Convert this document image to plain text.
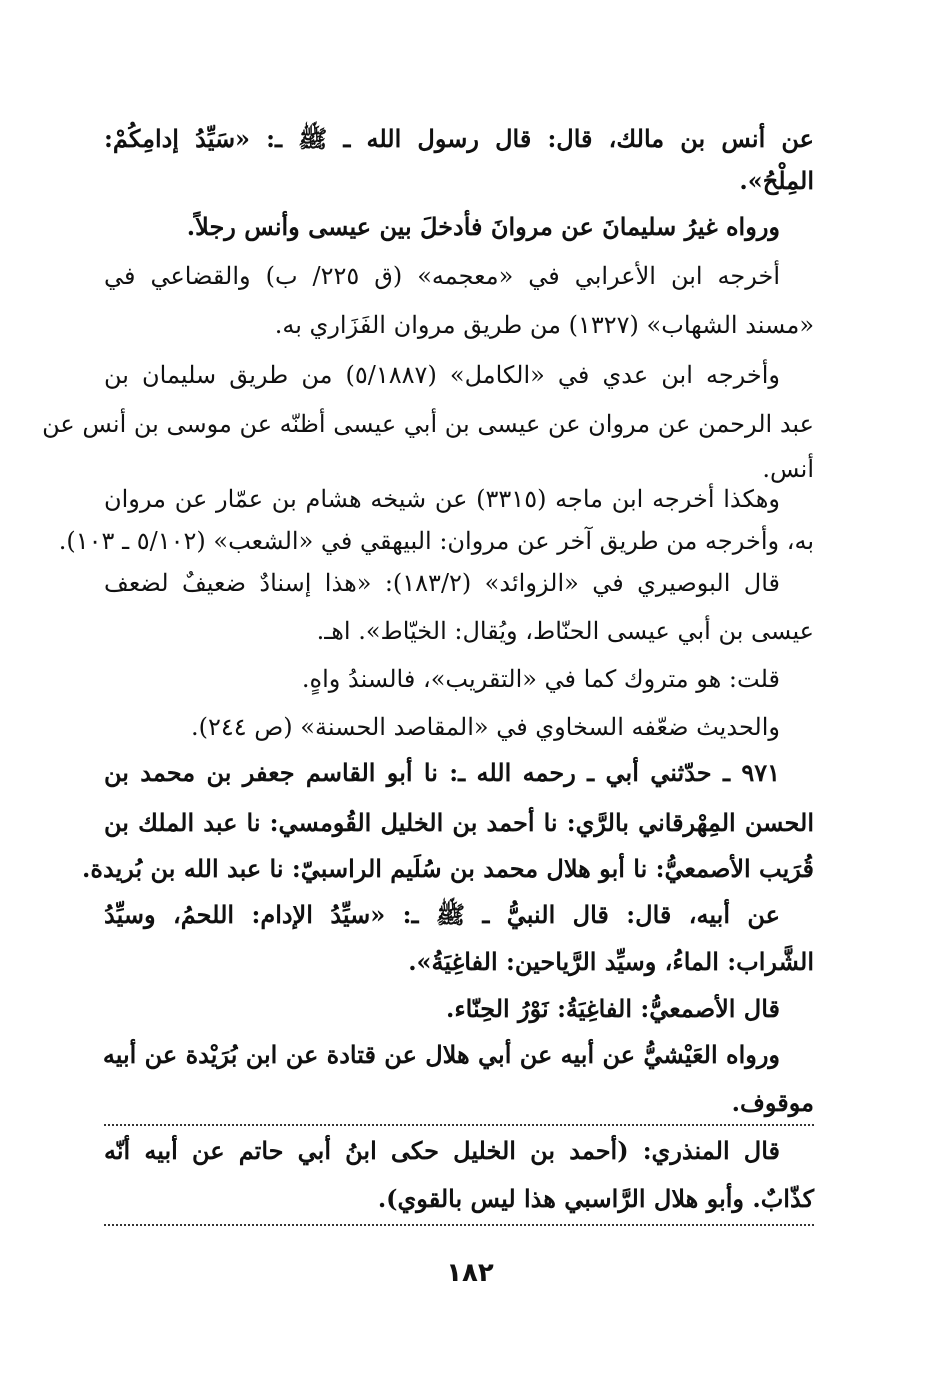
عن أنس بن مالك، قال: قال رسول الله ـ ﷺ ـ: «سَيِّدُ إدامِكُمْ:
المِلْحُ».
ورواه غيرُ سليمانَ عن مروانَ فأدخلَ بين عيسى وأنس رجلاً.
أخرجه ابن الأعرابي في «معجمه» (ق ٢٢٥/ ب) والقضاعي في
«مسند الشهاب» (١٣٢٧) من طريق مروان الفَزَاري به.
وأخرجه ابن عدي في «الكامل» (٥/١٨٨٧) من طريق سليمان بن
عبد الرحمن عن مروان عن عيسى بن أبي عيسى أظنّه عن موسى بن أنس عن
أنس.
وهكذا أخرجه ابن ماجه (٣٣١٥) عن شيخه هشام بن عمّار عن مروان
به، وأخرجه من طريق آخر عن مروان: البيهقي في «الشعب» (٥/١٠٢ ـ ١٠٣).
قال البوصيري في «الزوائد» (١٨٣/٢): «هذا إسنادٌ ضعيفٌ لضعف
عيسى بن أبي عيسى الحنّاط، ويُقال: الخيّاط». اهـ.
قلت: هو متروك كما في «التقريب»، فالسندُ واهٍ.
والحديث ضعّفه السخاوي في «المقاصد الحسنة» (ص ٢٤٤).
٩٧١ ـ حدّثني أبي ـ رحمه الله ـ: نا أبو القاسم جعفر بن محمد بن
الحسن المِهْرقاني بالرَّي: نا أحمد بن الخليل القُومسي: نا عبد الملك بن
قُرَيب الأصمعيُّ: نا أبو هلال محمد بن سُلَيم الراسبيّ: نا عبد الله بن بُريدة.
عن أبيه، قال: قال النبيُّ ـ ﷺ ـ: «سيِّدُ الإدام: اللحمُ، وسيِّدُ
الشَّراب: الماءُ، وسيِّد الرَّياحين: الفاغِيَةُ».
قال الأصمعيُّ: الفاغِيَةُ: نَوْرُ الحِنّاء.
ورواه العَيْشيُّ عن أبيه عن أبي هلال عن قتادة عن ابن بُرَيْدة عن أبيه
موقوف.
قال المنذري: (أحمد بن الخليل حكى ابنُ أبي حاتم عن أبيه أنّه
كذّابٌ. وأبو هلال الرَّاسبي هذا ليس بالقوي).
١٨٢
